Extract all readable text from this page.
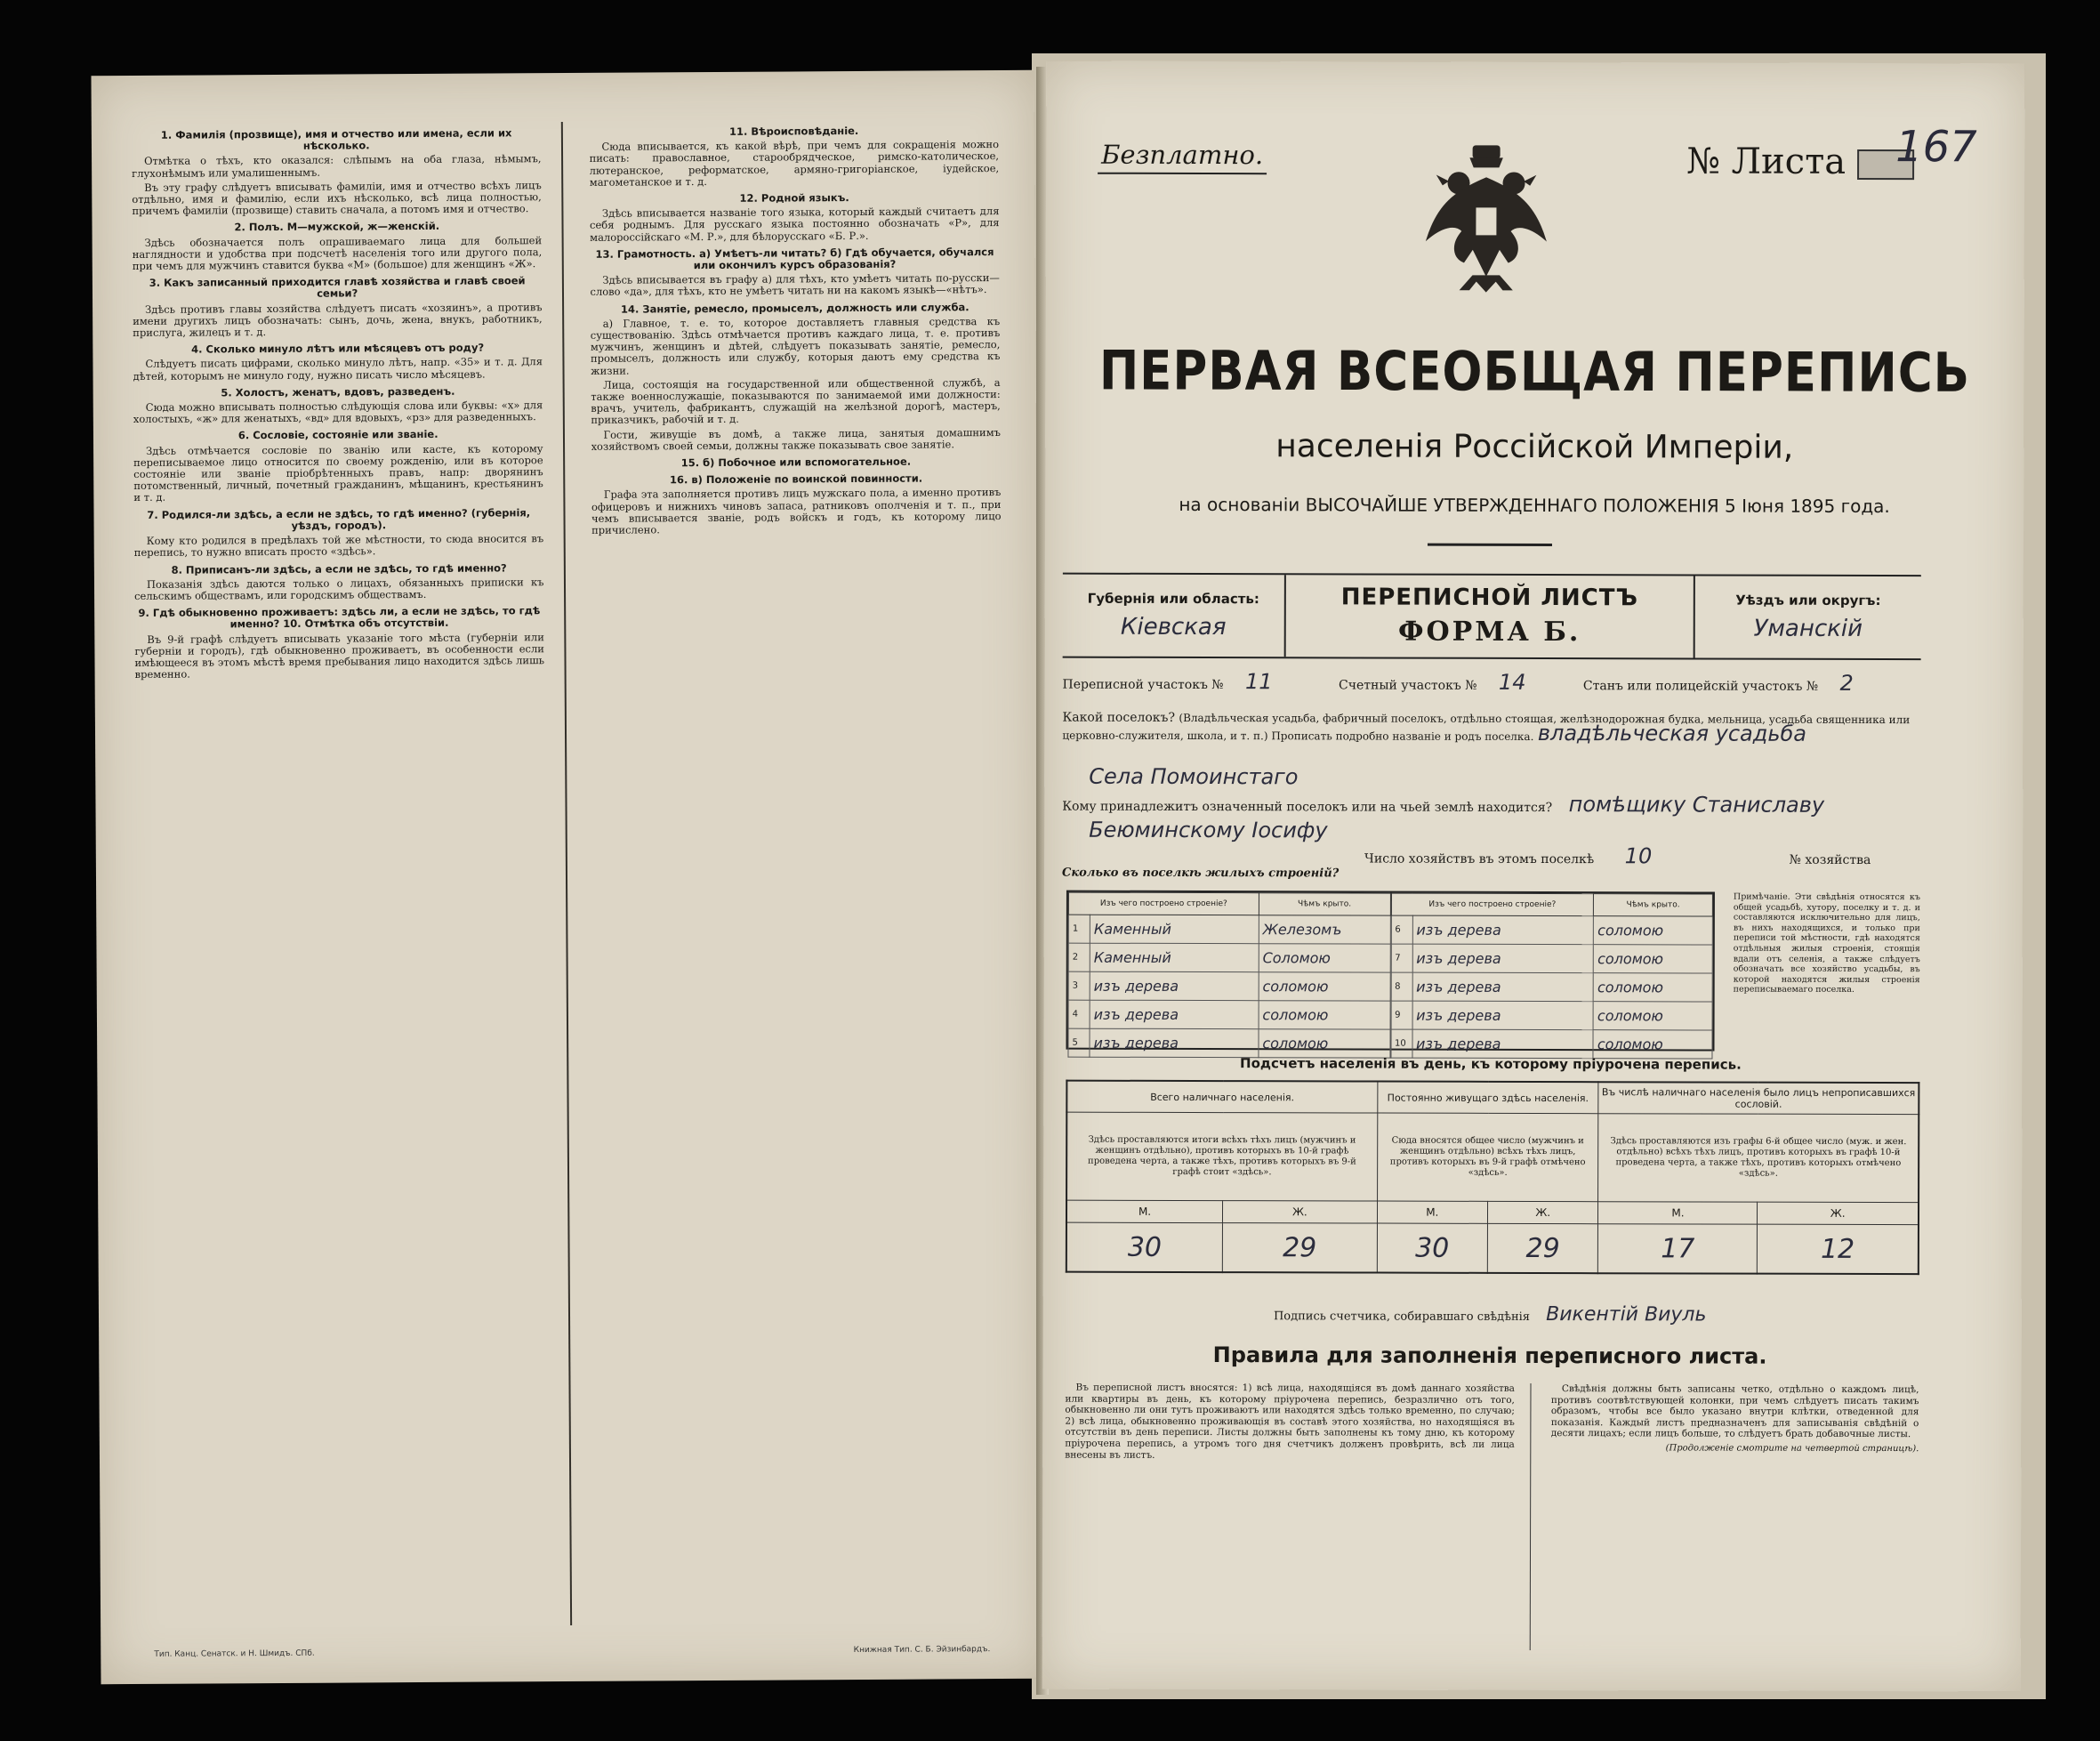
1. Фамилія (прозвище), имя и отчество или имена, если их нѣсколько.

Отмѣтка о тѣхъ, кто оказался: слѣпымъ на оба глаза, нѣмымъ, глухонѣмымъ или умалишеннымъ.

Въ эту графу слѣдуетъ вписывать фамиліи, имя и отчество всѣхъ лицъ отдѣльно, имя и фамилію, если ихъ нѣсколько, всѣ лица полностью, причемъ фамиліи (прозвище) ставить сначала, а потомъ имя и отчество.

2. Полъ. М—мужской, ж—женскій.

Здѣсь обозначается полъ опрашиваемаго лица для большей наглядности и удобства при подсчетѣ населенія того или другого пола, при чемъ для мужчинъ ставится буква «М» (большое) для женщинъ «Ж».

3. Какъ записанный приходится главѣ хозяйства и главѣ своей семьи?

Здѣсь противъ главы хозяйства слѣдуетъ писать «хозяинъ», а противъ имени другихъ лицъ обозначать: сынъ, дочь, жена, внукъ, работникъ, прислуга, жилецъ и т. д.

4. Сколько минуло лѣтъ или мѣсяцевъ отъ роду?

Слѣдуетъ писать цифрами, сколько минуло лѣтъ, напр. «35» и т. д. Для дѣтей, которымъ не минуло году, нужно писать число мѣсяцевъ.

5. Холостъ, женатъ, вдовъ, разведенъ.

Сюда можно вписывать полностью слѣдующія слова или буквы: «х» для холостыхъ, «ж» для женатыхъ, «вд» для вдовыхъ, «рз» для разведенныхъ.

6. Сословіе, состояніе или званіе.

Здѣсь отмѣчается сословіе по званію или касте, къ которому переписываемое лицо относится по своему рожденію, или въ которое состояніе или званіе пріобрѣтенныхъ правъ, напр: дворянинъ потомственный, личный, почетный гражданинъ, мѣщанинъ, крестьянинъ и т. д.

7. Родился-ли здѣсь, а если не здѣсь, то гдѣ именно? (губернія, уѣздъ, городъ).

Кому кто родился в предѣлахъ той же мѣстности, то сюда вносится въ перепись, то нужно вписать просто «здѣсь».

8. Приписанъ-ли здѣсь, а если не здѣсь, то гдѣ именно?

Показанія здѣсь даются только о лицахъ, обязанныхъ приписки къ сельскимъ обществамъ, или городскимъ обществамъ.

9. Гдѣ обыкновенно проживаетъ: здѣсь ли, а если не здѣсь, то гдѣ именно? 10. Отмѣтка объ отсутствіи.

Въ 9-й графѣ слѣдуетъ вписывать указаніе того мѣста (губерніи или губерніи и городъ), гдѣ обыкновенно проживаетъ, въ особенности если имѣющееся въ этомъ мѣстѣ время пребывания лицо находится здѣсь лишь временно.

11. Вѣроисповѣданіе.

Сюда вписывается, къ какой вѣрѣ, при чемъ для сокращенія можно писать: православное, старообрядческое, римско-католическое, лютеранское, реформатское, армяно-григоріанское, іудейское, магометанское и т. д.

12. Родной языкъ.

Здѣсь вписывается названіе того языка, который каждый считаетъ для себя роднымъ. Для русскаго языка постоянно обозначать «Р», для малороссійскаго «М. Р.», для бѣлорусскаго «Б. Р.».

13. Грамотность. а) Умѣетъ-ли читать? б) Гдѣ обучается, обучался или окончилъ курсъ образованія?

Здѣсь вписывается въ графу а) для тѣхъ, кто умѣетъ читать по-русски—слово «да», для тѣхъ, кто не умѣетъ читать ни на какомъ языкѣ—«нѣтъ».

14. Занятіе, ремесло, промыселъ, должность или служба.

а) Главное, т. е. то, которое доставляетъ главныя средства къ существованію. Здѣсь отмѣчается противъ каждаго лица, т. е. противъ мужчинъ, женщинъ и дѣтей, слѣдуетъ показывать занятіе, ремесло, промыселъ, должность или службу, которыя даютъ ему средства къ жизни.

Лица, состоящія на государственной или общественной службѣ, а также военнослужащіе, показываются по занимаемой ими должности: врачъ, учитель, фабрикантъ, служащій на желѣзной дорогѣ, мастеръ, приказчикъ, рабочій и т. д.

Гости, живущіе въ домѣ, а также лица, занятыя домашнимъ хозяйствомъ своей семьи, должны также показывать свое занятіе.

15. б) Побочное или вспомогательное.
16. в) Положеніе по воинской повинности.

Графа эта заполняется противъ лицъ мужскаго пола, а именно противъ офицеровъ и нижнихъ чиновъ запаса, ратниковъ ополченія и т. п., при чемъ вписывается званіе, родъ войскъ и годъ, къ которому лицо причислено.

Тип. Канц. Сенатск. и Н. Шмидъ. СПб.	Книжная Тип. С. Б. Эйзинбардъ.
Безплатно.	№ Листа	167
ПЕРВАЯ ВСЕОБЩАЯ ПЕРЕПИСЬ
населенія Россійской Имперіи,
на основаніи ВЫСОЧАЙШЕ УТВЕРЖДЕННАГО ПОЛОЖЕНІЯ 5 Іюня 1895 года.
Губернія или область:
Кіевская
ПЕРЕПИСНОЙ ЛИСТЪ
ФОРМА Б.
Уѣздъ или округъ:
Уманскій
Переписной участокъ № 11	Счетный участокъ № 14	Станъ или полицейскій участокъ № 2
Какой поселокъ? (Владѣльческая усадьба, фабричный поселокъ, отдѣльно стоящая, желѣзнодорожная будка, мельница, усадьба священника или церковно-служителя, школа, и т. п.) Прописать подробно названіе и родъ поселка. владѣльческая усадьба
Села Помоинстаго
Кому принадлежитъ означенный поселокъ или на чьей землѣ находится? помѣщику Станиславу
Беюминскому Іосифу
Число хозяйствъ въ этомъ поселкѣ 10	№ хозяйства
Сколько въ поселкѣ жилыхъ строеній?
Изъ чего построено строеніе?		Чѣмъ крыто.
1	Каменный	Железомъ
2	Каменный	Соломою
3	изъ дерева	соломою
4	изъ дерева	соломою
5	изъ дерева	соломою
Изъ чего построено строеніе?		Чѣмъ крыто.
6	изъ дерева	соломою
7	изъ дерева	соломою
8	изъ дерева	соломою
9	изъ дерева	соломою
10	изъ дерева	соломою
Примѣчаніе. Эти свѣдѣнія относятся къ общей усадьбѣ, хутору, поселку и т. д. и составляются исключительно для лицъ, въ нихъ находящихся, и только при переписи той мѣстности, гдѣ находятся отдѣльныя жилыя строенія, стоящія вдали отъ селенія, а также слѣдуетъ обозначать все хозяйство усадьбы, въ которой находятся жилыя строенія переписываемаго поселка.
Подсчетъ населенія въ день, къ которому пріурочена перепись.
Всего наличнаго населенія.		Постоянно живущаго здѣсь населенія.		Въ числѣ наличнаго населенія было лицъ непрописавшихся сословій.	
Здѣсь проставляются итоги всѣхъ тѣхъ лицъ (мужчинъ и женщинъ отдѣльно), противъ которыхъ въ 10-й графѣ проведена черта, а также тѣхъ, противъ которыхъ въ 9-й графѣ стоит «здѣсь».		Сюда вносятся общее число (мужчинъ и женщинъ отдѣльно) всѣхъ тѣхъ лицъ, противъ которыхъ въ 9-й графѣ отмѣчено «здѣсь».		Здѣсь проставляются изъ графы 6-й общее число (муж. и жен. отдѣльно) всѣхъ тѣхъ лицъ, противъ которыхъ въ графѣ 10-й проведена черта, а также тѣхъ, противъ которыхъ отмѣчено «здѣсь».	
М.	Ж.	М.	Ж.	М.	Ж.
30	29	30	29	17	12
Подпись счетчика, собиравшаго свѣдѣнія Викентій Виуль
Правила для заполненія переписного листа.

Въ переписной листъ вносятся: 1) всѣ лица, находящіяся въ домѣ даннаго хозяйства или квартиры въ день, къ которому пріурочена перепись, безразлично отъ того, обыкновенно ли они тутъ проживаютъ или находятся здѣсь только временно, по случаю; 2) всѣ лица, обыкновенно проживающія въ составѣ этого хозяйства, но находящіяся въ отсутствіи въ день переписи. Листы должны быть заполнены къ тому дню, къ которому пріурочена перепись, а утромъ того дня счетчикъ долженъ провѣрить, всѣ ли лица внесены въ листъ.

Свѣдѣнія должны быть записаны четко, отдѣльно о каждомъ лицѣ, противъ соотвѣтствующей колонки, при чемъ слѣдуетъ писать такимъ образомъ, чтобы все было указано внутри клѣтки, отведенной для показанія. Каждый листъ предназначенъ для записыванія свѣдѣній о десяти лицахъ; если лицъ больше, то слѣдуетъ брать добавочные листы.

(Продолженіе смотрите на четвертой страницѣ).
